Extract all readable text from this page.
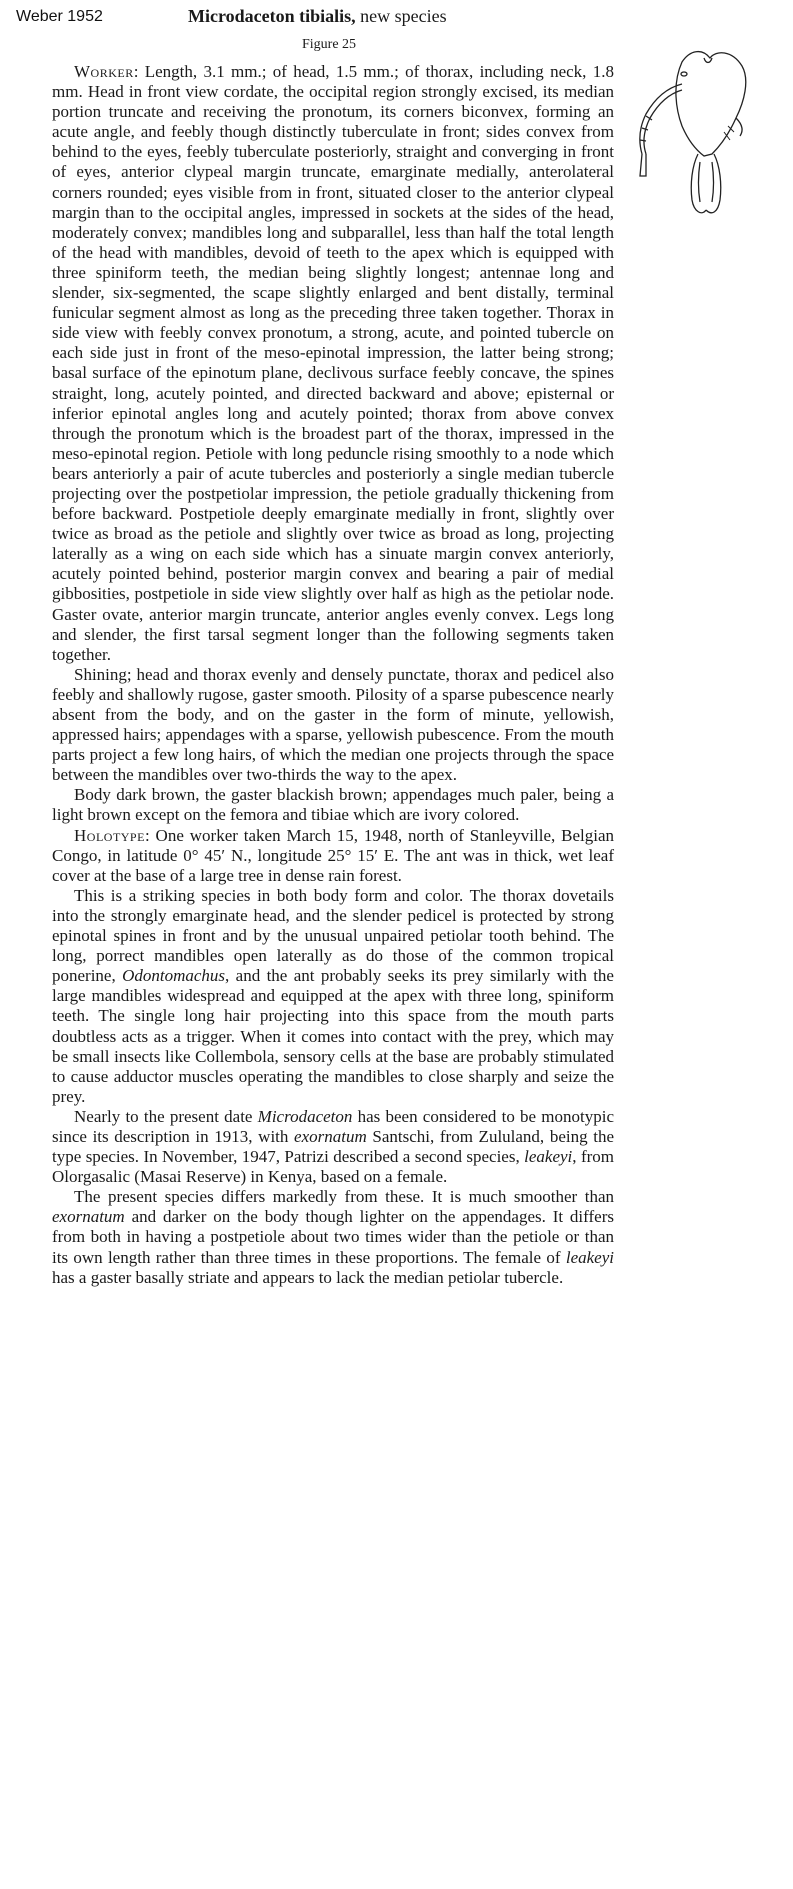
Weber 1952	Microdaceton tibialis, new species
Figure 25

Worker: Length, 3.1 mm.; of head, 1.5 mm.; of thorax, including neck, 1.8 mm. Head in front view cordate, the occipital region strongly excised, its median portion truncate and receiving the pronotum, its corners biconvex, forming an acute angle, and feebly though distinctly tuberculate in front; sides convex from behind to the eyes, feebly tuberculate posteriorly, straight and converging in front of eyes, anterior clypeal margin truncate, emarginate medially, anterolateral corners rounded; eyes visible from in front, situated closer to the anterior clypeal margin than to the occipital angles, impressed in sockets at the sides of the head, moderately convex; mandibles long and subparallel, less than half the total length of the head with mandibles, devoid of teeth to the apex which is equipped with three spiniform teeth, the median being slightly longest; antennae long and slender, six-segmented, the scape slightly enlarged and bent distally, terminal funicular segment almost as long as the preceding three taken together. Thorax in side view with feebly convex pronotum, a strong, acute, and pointed tubercle on each side just in front of the meso-epinotal impression, the latter being strong; basal surface of the epinotum plane, declivous surface feebly concave, the spines straight, long, acutely pointed, and directed backward and above; episternal or inferior epinotal angles long and acutely pointed; thorax from above convex through the pronotum which is the broadest part of the thorax, impressed in the meso-epinotal region. Petiole with long peduncle rising smoothly to a node which bears anteriorly a pair of acute tubercles and posteriorly a single median tubercle projecting over the postpetiolar impression, the petiole gradually thickening from before backward. Postpetiole deeply emarginate medially in front, slightly over twice as broad as the petiole and slightly over twice as broad as long, projecting laterally as a wing on each side which has a sinuate margin convex anteriorly, acutely pointed behind, posterior margin convex and bearing a pair of medial gibbosities, postpetiole in side view slightly over half as high as the petiolar node. Gaster ovate, anterior margin truncate, anterior angles evenly convex. Legs long and slender, the first tarsal segment longer than the following segments taken together.

Shining; head and thorax evenly and densely punctate, thorax and pedicel also feebly and shallowly rugose, gaster smooth. Pilosity of a sparse pubescence nearly absent from the body, and on the gaster in the form of minute, yellowish, appressed hairs; appendages with a sparse, yellowish pubescence. From the mouth parts project a few long hairs, of which the median one projects through the space between the mandibles over two-thirds the way to the apex.

Body dark brown, the gaster blackish brown; appendages much paler, being a light brown except on the femora and tibiae which are ivory colored.

Holotype: One worker taken March 15, 1948, north of Stanleyville, Belgian Congo, in latitude 0° 45′ N., longitude 25° 15′ E. The ant was in thick, wet leaf cover at the base of a large tree in dense rain forest.

This is a striking species in both body form and color. The thorax dovetails into the strongly emarginate head, and the slender pedicel is protected by strong epinotal spines in front and by the unusual unpaired petiolar tooth behind. The long, porrect mandibles open laterally as do those of the common tropical ponerine, Odontomachus, and the ant probably seeks its prey similarly with the large mandibles widespread and equipped at the apex with three long, spiniform teeth. The single long hair projecting into this space from the mouth parts doubtless acts as a trigger. When it comes into contact with the prey, which may be small insects like Collembola, sensory cells at the base are probably stimulated to cause adductor muscles operating the mandibles to close sharply and seize the prey.

Nearly to the present date Microdaceton has been considered to be monotypic since its description in 1913, with exornatum Santschi, from Zululand, being the type species. In November, 1947, Patrizi described a second species, leakeyi, from Olorgasalic (Masai Reserve) in Kenya, based on a female.

The present species differs markedly from these. It is much smoother than exornatum and darker on the body though lighter on the appendages. It differs from both in having a postpetiole about two times wider than the petiole or than its own length rather than three times in these proportions. The female of leakeyi has a gaster basally striate and appears to lack the median petiolar tubercle.
